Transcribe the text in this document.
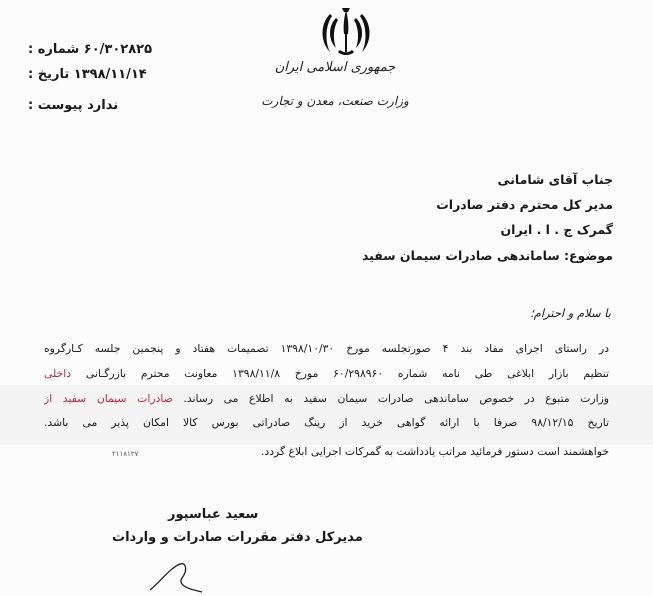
جمهوری اسلامی ایران
وزارت صنعت، معدن و تجارت
شماره : ۶۰/۳۰۲۸۲۵
تاریخ : ۱۳۹۸/۱۱/۱۴
پیوست : ندارد
جناب آقای شامانی
مدیر کل محترم دفتر صادرات
گمرک ج . ا . ایران
موضوع: ساماندهی صادرات سیمان سفید
با سلام و احترام؛
در راستای اجرای مفاد بند ۴ صورتجلسه مورخ ۱۳۹۸/۱۰/۳۰ تصمیمات هفتاد و پنجمین جلسه کـارگروه
تنظیم بازار ابلاغی طی نامه شماره ۶۰/۲۹۸۹۶۰ مورخ ۱۳۹۸/۱۱/۸ معاونت محترم بازرگـانی داخلی
وزارت متبوع در خصوص ساماندهی صادرات سیمان سفید به اطلاع می رساند. صادرات سیمان سفید از
تاریخ ۹۸/۱۲/۱۵ صرفا با ارائه گواهی خرید از رینگ صادراتی بورس کالا امکان پذیر می باشد.
خواهشمند است دستور فرمائید مراتب یادداشت به گمرکات اجرایی ابلاغ گردد.
۲۱۱۸۱۲۷
سعید عباسپور
مدیرکل دفتر مقررات صادرات و واردات
